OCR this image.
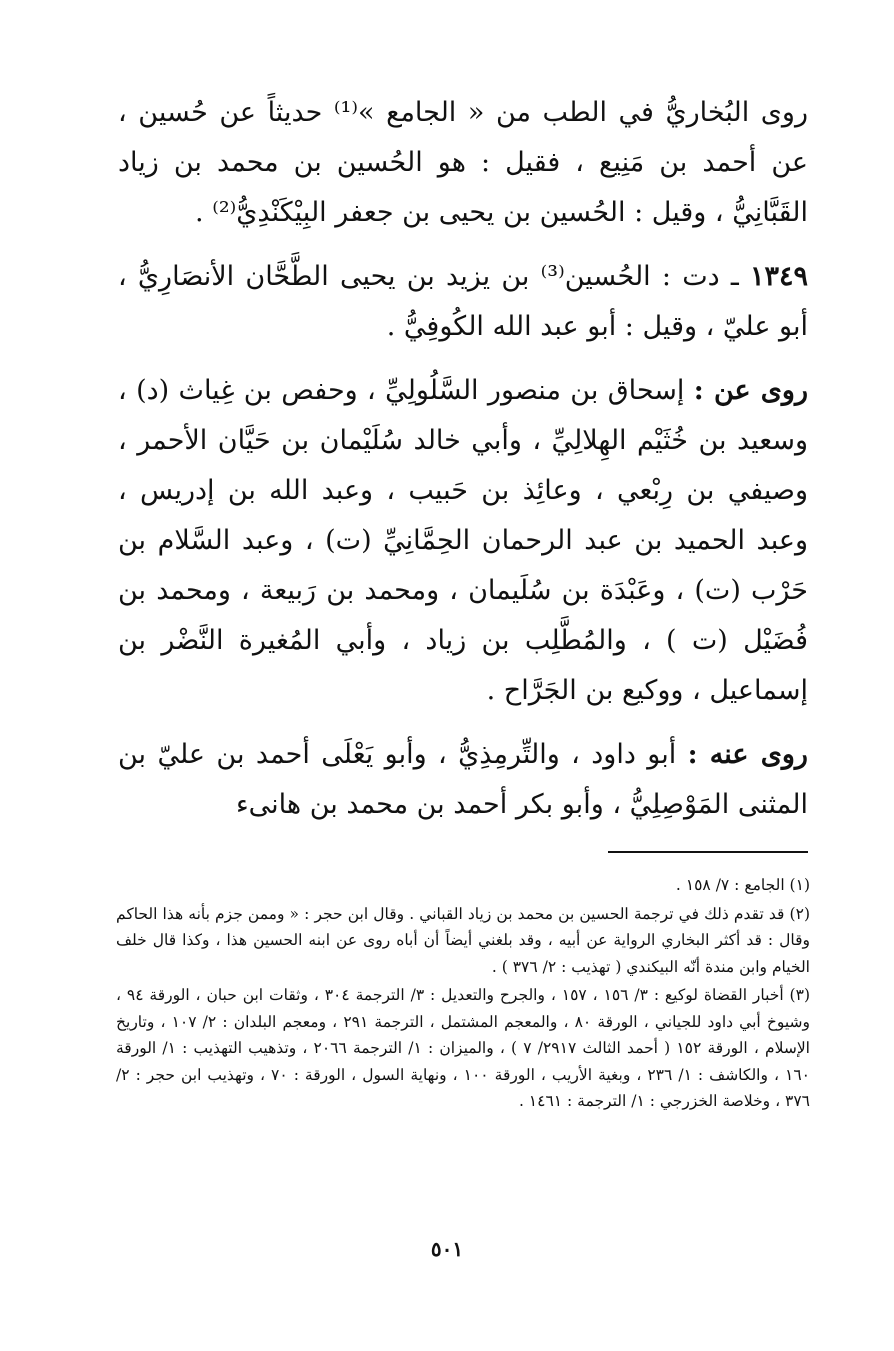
روى البُخاريُّ في الطب من « الجامع »⁽¹⁾ حديثاً عن حُسين ، عن أحمد بن مَنِيع ، فقيل : هو الحُسين بن محمد بن زياد القَبَّانِيُّ ، وقيل : الحُسين بن يحيى بن جعفر البِيْكَنْدِيُّ⁽²⁾ .

١٣٤٩ ـ دت : الحُسين⁽³⁾ بن يزيد بن يحيى الطَّحَّان الأنصَارِيُّ ، أبو عليّ ، وقيل : أبو عبد الله الكُوفِيُّ .

روى عن : إسحاق بن منصور السَّلُولِيِّ ، وحفص بن غِياث (د) ، وسعيد بن خُثَيْم الهِلالِيِّ ، وأبي خالد سُلَيْمان بن حَيَّان الأحمر ، وصيفي بن رِبْعي ، وعائِذ بن حَبيب ، وعبد الله بن إدريس ، وعبد الحميد بن عبد الرحمان الحِمَّانِيِّ (ت) ، وعبد السَّلام بن حَرْب (ت) ، وعَبْدَة بن سُلَيمان ، ومحمد بن رَبيعة ، ومحمد بن فُضَيْل (ت ) ، والمُطَّلِب بن زياد ، وأبي المُغيرة النَّضْر بن إسماعيل ، ووكيع بن الجَرَّاح .

روى عنه : أبو داود ، والتِّرمِذِيُّ ، وأبو يَعْلَى أحمد بن عليّ بن المثنى المَوْصِلِيُّ ، وأبو بكر أحمد بن محمد بن هانىء

(١) الجامع : ٧/ ١٥٨ .

(٢) قد تقدم ذلك في ترجمة الحسين بن محمد بن زياد القباني . وقال ابن حجر : « وممن جزم بأنه هذا الحاكم وقال : قد أكثر البخاري الرواية عن أبيه ، وقد بلغني أيضاً أن أباه روى عن ابنه الحسين هذا ، وكذا قال خلف الخيام وابن مندة أنّه البيكندي ( تهذيب : ٢/ ٣٧٦ ) .

(٣) أخبار القضاة لوكيع : ٣/ ١٥٦ ، ١٥٧ ، والجرح والتعديل : ٣/ الترجمة ٣٠٤ ، وثقات ابن حبان ، الورقة ٩٤ ، وشيوخ أبي داود للجياني ، الورقة ٨٠ ، والمعجم المشتمل ، الترجمة ٢٩١ ، ومعجم البلدان : ٢/ ١٠٧ ، وتاريخ الإسلام ، الورقة ١٥٢ ( أحمد الثالث ٢٩١٧/ ٧ ) ، والميزان : ١/ الترجمة ٢٠٦٦ ، وتذهيب التهذيب : ١/ الورقة ١٦٠ ، والكاشف : ١/ ٢٣٦ ، وبغية الأريب ، الورقة ١٠٠ ، ونهاية السول ، الورقة : ٧٠ ، وتهذيب ابن حجر : ٢/ ٣٧٦ ، وخلاصة الخزرجي : ١/ الترجمة : ١٤٦١ .

٥٠١
